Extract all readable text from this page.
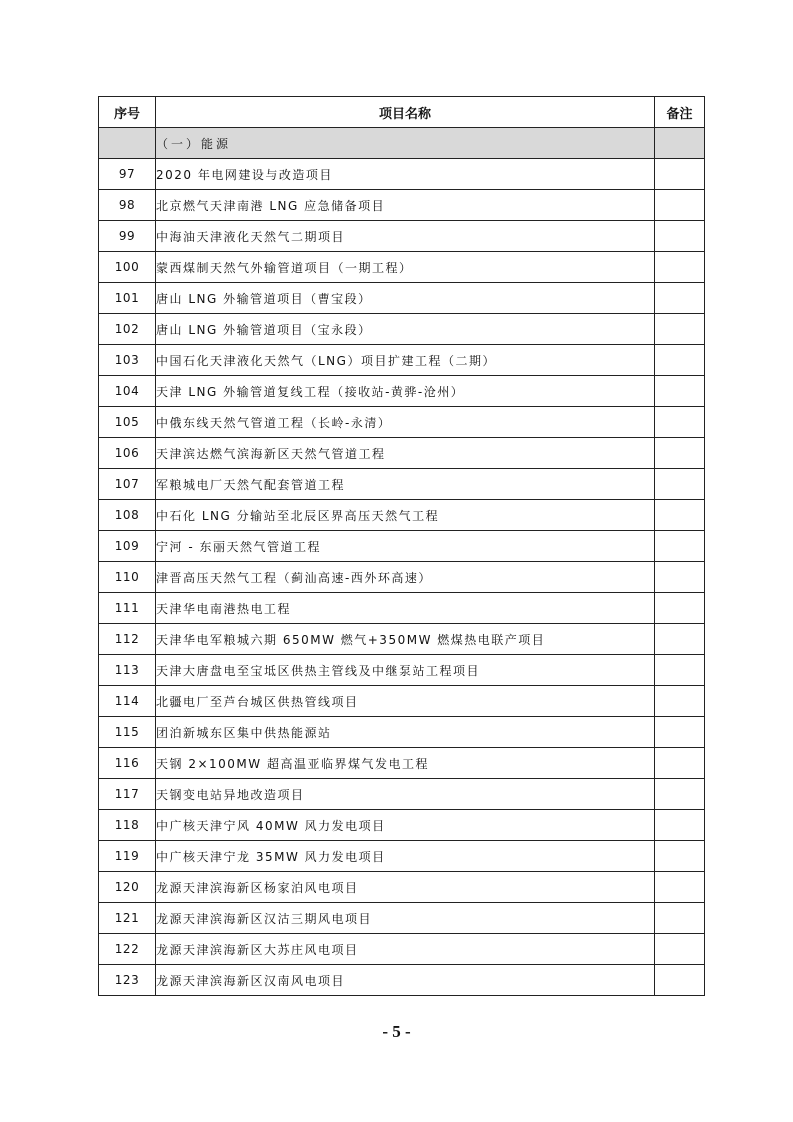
序号	项目名称	备注
	（一）能源	
97	2020 年电网建设与改造项目	
98	北京燃气天津南港 LNG 应急储备项目	
99	中海油天津液化天然气二期项目	
100	蒙西煤制天然气外输管道项目（一期工程）	
101	唐山 LNG 外输管道项目（曹宝段）	
102	唐山 LNG 外输管道项目（宝永段）	
103	中国石化天津液化天然气（LNG）项目扩建工程（二期）	
104	天津 LNG 外输管道复线工程（接收站-黄骅-沧州）	
105	中俄东线天然气管道工程（长岭-永清）	
106	天津滨达燃气滨海新区天然气管道工程	
107	军粮城电厂天然气配套管道工程	
108	中石化 LNG 分输站至北辰区界高压天然气工程	
109	宁河 - 东丽天然气管道工程	
110	津晋高压天然气工程（蓟汕高速-西外环高速）	
111	天津华电南港热电工程	
112	天津华电军粮城六期 650MW 燃气+350MW 燃煤热电联产项目	
113	天津大唐盘电至宝坻区供热主管线及中继泵站工程项目	
114	北疆电厂至芦台城区供热管线项目	
115	团泊新城东区集中供热能源站	
116	天钢 2×100MW 超高温亚临界煤气发电工程	
117	天钢变电站异地改造项目	
118	中广核天津宁风 40MW 风力发电项目	
119	中广核天津宁龙 35MW 风力发电项目	
120	龙源天津滨海新区杨家泊风电项目	
121	龙源天津滨海新区汉沽三期风电项目	
122	龙源天津滨海新区大苏庄风电项目	
123	龙源天津滨海新区汉南风电项目	
- 5 -
